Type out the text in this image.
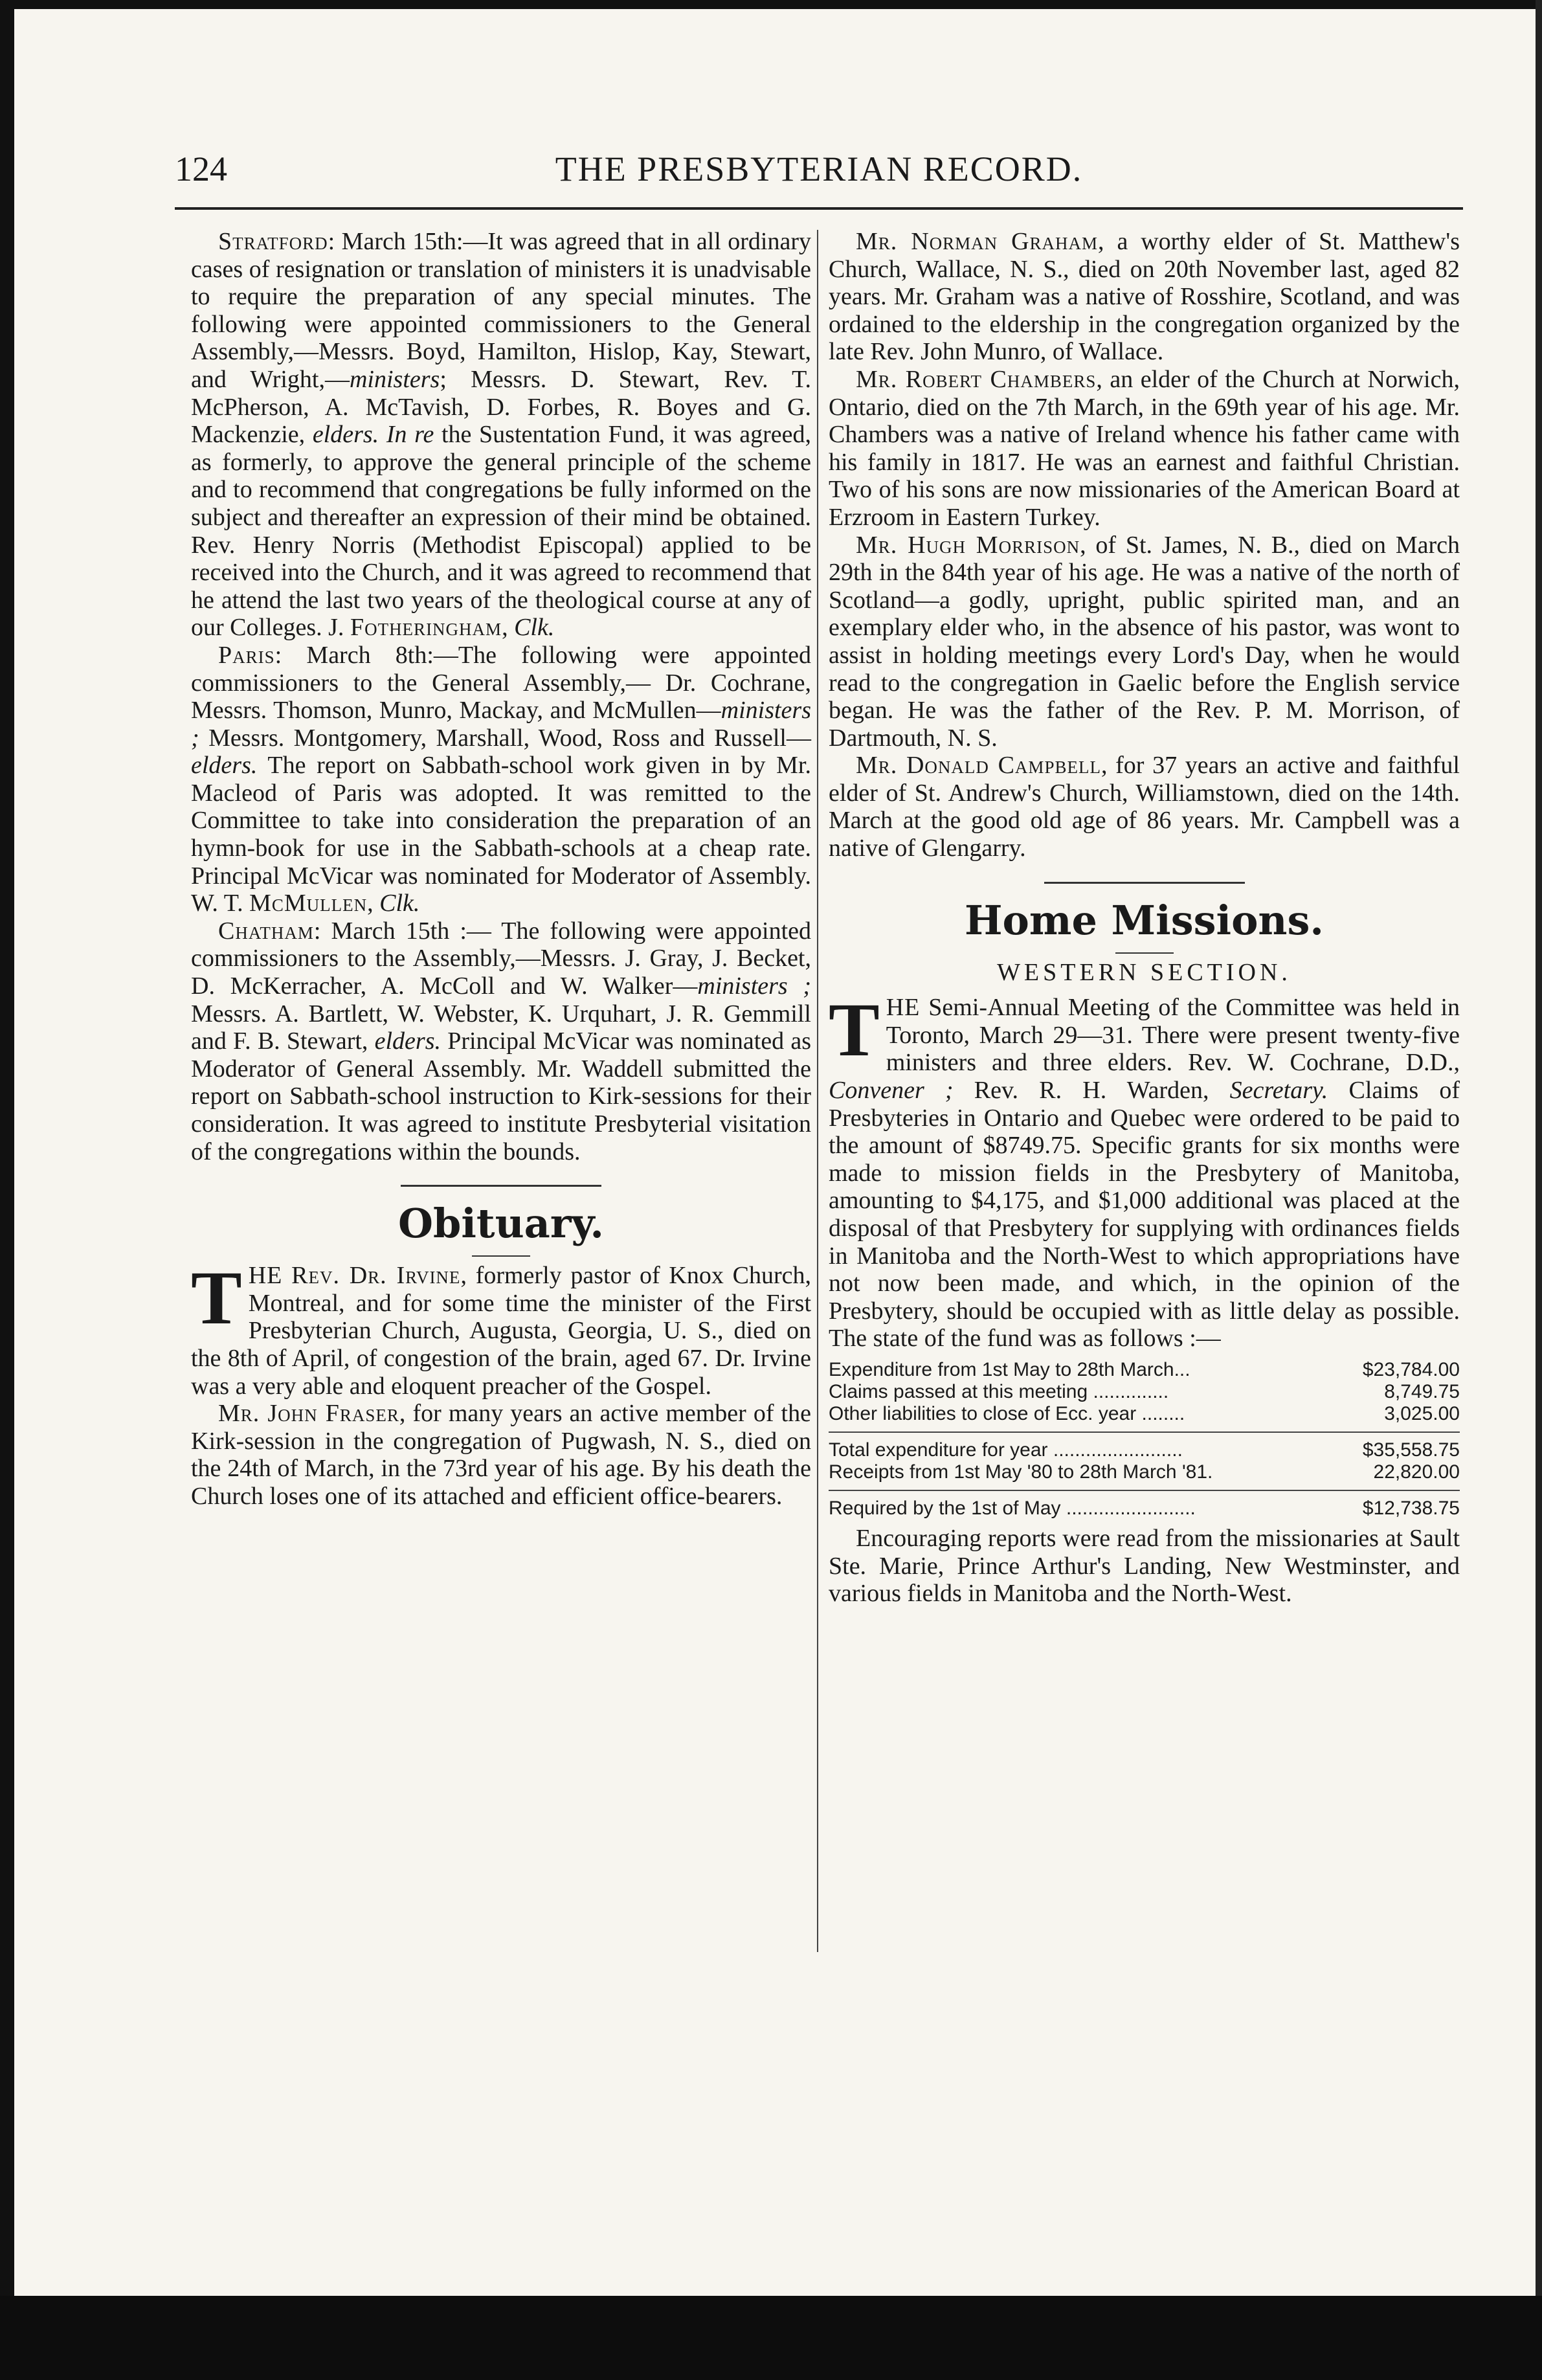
124	THE PRESBYTERIAN RECORD.

Stratford: March 15th:—It was agreed that in all ordinary cases of resignation or translation of ministers it is unadvisable to require the preparation of any special minutes. The following were appointed commissioners to the General Assembly,—Messrs. Boyd, Hamilton, Hislop, Kay, Stewart, and Wright,—ministers; Messrs. D. Stewart, Rev. T. McPherson, A. McTavish, D. Forbes, R. Boyes and G. Mackenzie, elders. In re the Sustentation Fund, it was agreed, as formerly, to approve the general principle of the scheme and to recommend that congregations be fully informed on the subject and thereafter an expression of their mind be obtained. Rev. Henry Norris (Methodist Episcopal) applied to be received into the Church, and it was agreed to recommend that he attend the last two years of the theological course at any of our Colleges. J. Fotheringham, Clk.

Paris: March 8th:—The following were appointed commissioners to the General Assembly,— Dr. Cochrane, Messrs. Thomson, Munro, Mackay, and McMullen—ministers ; Messrs. Montgomery, Marshall, Wood, Ross and Russell—elders. The report on Sabbath-school work given in by Mr. Macleod of Paris was adopted. It was remitted to the Committee to take into consideration the preparation of an hymn-book for use in the Sabbath-schools at a cheap rate. Principal McVicar was nominated for Moderator of Assembly. W. T. McMullen, Clk.

Chatham: March 15th :— The following were appointed commissioners to the Assembly,—Messrs. J. Gray, J. Becket, D. McKerracher, A. McColl and W. Walker—ministers ; Messrs. A. Bartlett, W. Webster, K. Urquhart, J. R. Gemmill and F. B. Stewart, elders. Principal McVicar was nominated as Moderator of General Assembly. Mr. Waddell submitted the report on Sabbath-school instruction to Kirk-sessions for their consideration. It was agreed to institute Presbyterial visitation of the congregations within the bounds.

Obituary.

THE Rev. Dr. Irvine, formerly pastor of Knox Church, Montreal, and for some time the minister of the First Presbyterian Church, Augusta, Georgia, U. S., died on the 8th of April, of congestion of the brain, aged 67. Dr. Irvine was a very able and eloquent preacher of the Gospel.

Mr. John Fraser, for many years an active member of the Kirk-session in the congregation of Pugwash, N. S., died on the 24th of March, in the 73rd year of his age. By his death the Church loses one of its attached and efficient office-bearers.

Mr. Norman Graham, a worthy elder of St. Matthew's Church, Wallace, N. S., died on 20th November last, aged 82 years. Mr. Graham was a native of Rosshire, Scotland, and was ordained to the eldership in the congregation organized by the late Rev. John Munro, of Wallace.

Mr. Robert Chambers, an elder of the Church at Norwich, Ontario, died on the 7th March, in the 69th year of his age. Mr. Chambers was a native of Ireland whence his father came with his family in 1817. He was an earnest and faithful Christian. Two of his sons are now missionaries of the American Board at Erzroom in Eastern Turkey.

Mr. Hugh Morrison, of St. James, N. B., died on March 29th in the 84th year of his age. He was a native of the north of Scotland—a godly, upright, public spirited man, and an exemplary elder who, in the absence of his pastor, was wont to assist in holding meetings every Lord's Day, when he would read to the congregation in Gaelic before the English service began. He was the father of the Rev. P. M. Morrison, of Dartmouth, N. S.

Mr. Donald Campbell, for 37 years an active and faithful elder of St. Andrew's Church, Williamstown, died on the 14th. March at the good old age of 86 years. Mr. Campbell was a native of Glengarry.

Home Missions.
WESTERN SECTION.

THE Semi-Annual Meeting of the Committee was held in Toronto, March 29—31. There were present twenty-five ministers and three elders. Rev. W. Cochrane, D.D., Convener ; Rev. R. H. Warden, Secretary. Claims of Presbyteries in Ontario and Quebec were ordered to be paid to the amount of $8749.75. Specific grants for six months were made to mission fields in the Presbytery of Manitoba, amounting to $4,175, and $1,000 additional was placed at the disposal of that Presbytery for supplying with ordinances fields in Manitoba and the North-West to which appropriations have not now been made, and which, in the opinion of the Presbytery, should be occupied with as little delay as possible. The state of the fund was as follows :—

Expenditure from 1st May to 28th March...	$23,784.00
Claims passed at this meeting ..............	8,749.75
Other liabilities to close of Ecc. year ........	3,025.00
Total expenditure for year ........................	$35,558.75
Receipts from 1st May '80 to 28th March '81.	22,820.00
Required by the 1st of May ........................	$12,738.75

Encouraging reports were read from the missionaries at Sault Ste. Marie, Prince Arthur's Landing, New Westminster, and various fields in Manitoba and the North-West.
